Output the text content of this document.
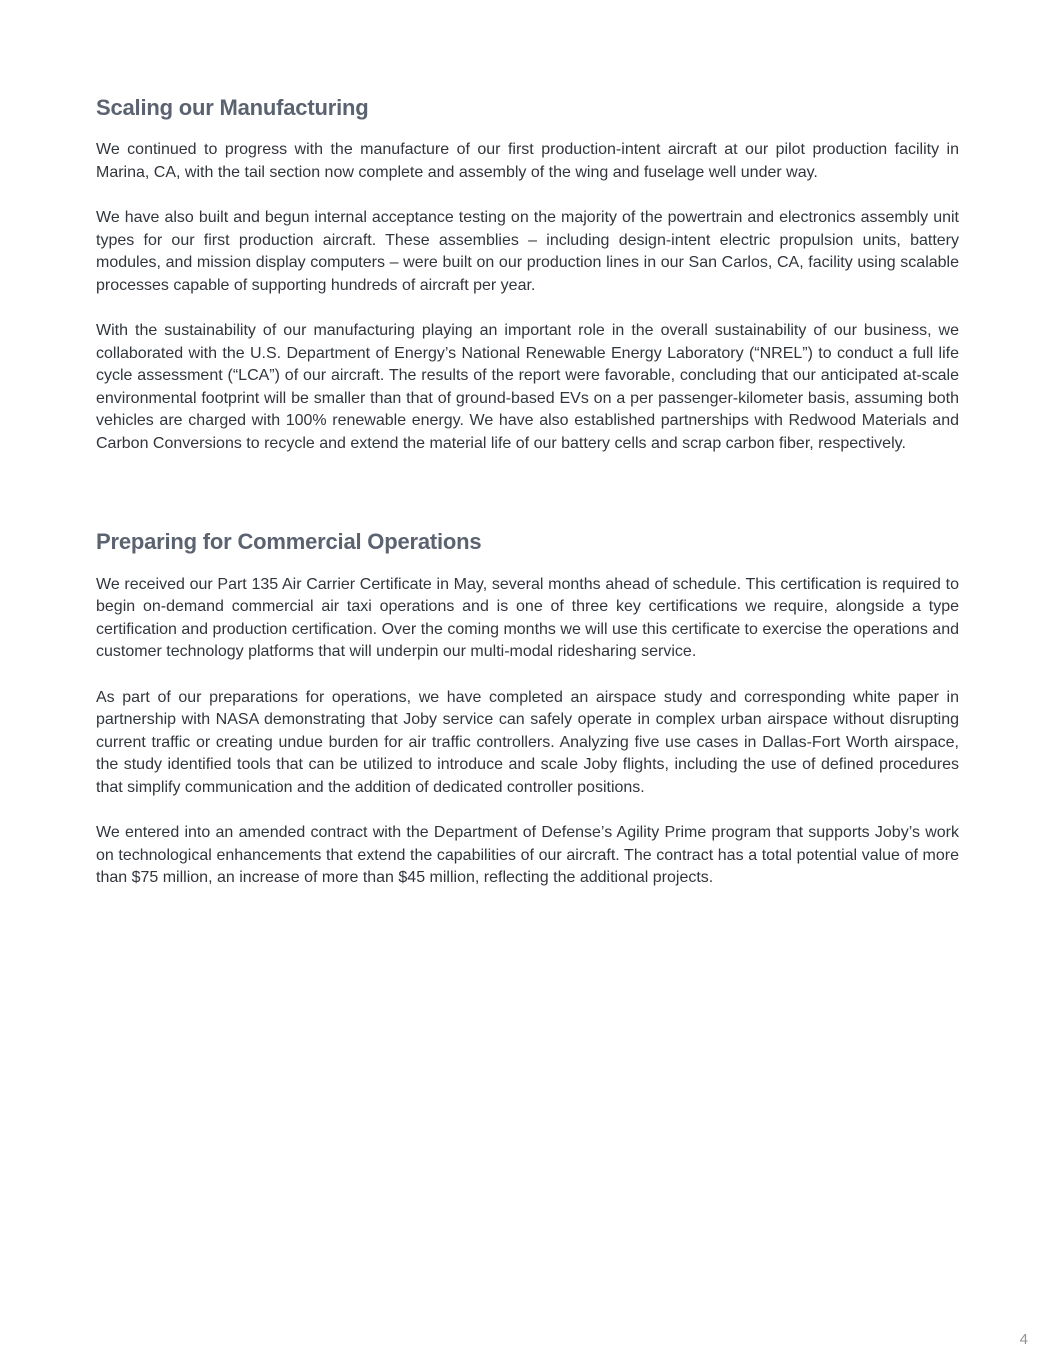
Scaling our Manufacturing

We continued to progress with the manufacture of our first production-intent aircraft at our pilot production facility in Marina, CA, with the tail section now complete and assembly of the wing and fuselage well under way.

We have also built and begun internal acceptance testing on the majority of the powertrain and electronics assembly unit types for our first production aircraft. These assemblies – including design-intent electric propulsion units, battery modules, and mission display computers – were built on our production lines in our San Carlos, CA, facility using scalable processes capable of supporting hundreds of aircraft per year.

With the sustainability of our manufacturing playing an important role in the overall sustainability of our business, we collaborated with the U.S. Department of Energy’s National Renewable Energy Laboratory (“NREL”) to conduct a full life cycle assessment (“LCA”) of our aircraft. The results of the report were favorable, concluding that our anticipated at-scale environmental footprint will be smaller than that of ground-based EVs on a per passenger-kilometer basis, assuming both vehicles are charged with 100% renewable energy. We have also established partnerships with Redwood Materials and Carbon Conversions to recycle and extend the material life of our battery cells and scrap carbon fiber, respectively.

Preparing for Commercial Operations

We received our Part 135 Air Carrier Certificate in May, several months ahead of schedule. This certification is required to begin on-demand commercial air taxi operations and is one of three key certifications we require, alongside a type certification and production certification. Over the coming months we will use this certificate to exercise the operations and customer technology platforms that will underpin our multi-modal ridesharing service.

As part of our preparations for operations, we have completed an airspace study and corresponding white paper in partnership with NASA demonstrating that Joby service can safely operate in complex urban airspace without disrupting current traffic or creating undue burden for air traffic controllers. Analyzing five use cases in Dallas-Fort Worth airspace, the study identified tools that can be utilized to introduce and scale Joby flights, including the use of defined procedures that simplify communication and the addition of dedicated controller positions.

We entered into an amended contract with the Department of Defense’s Agility Prime program that supports Joby’s work on technological enhancements that extend the capabilities of our aircraft. The contract has a total potential value of more than $75 million, an increase of more than $45 million, reflecting the additional projects.

4
